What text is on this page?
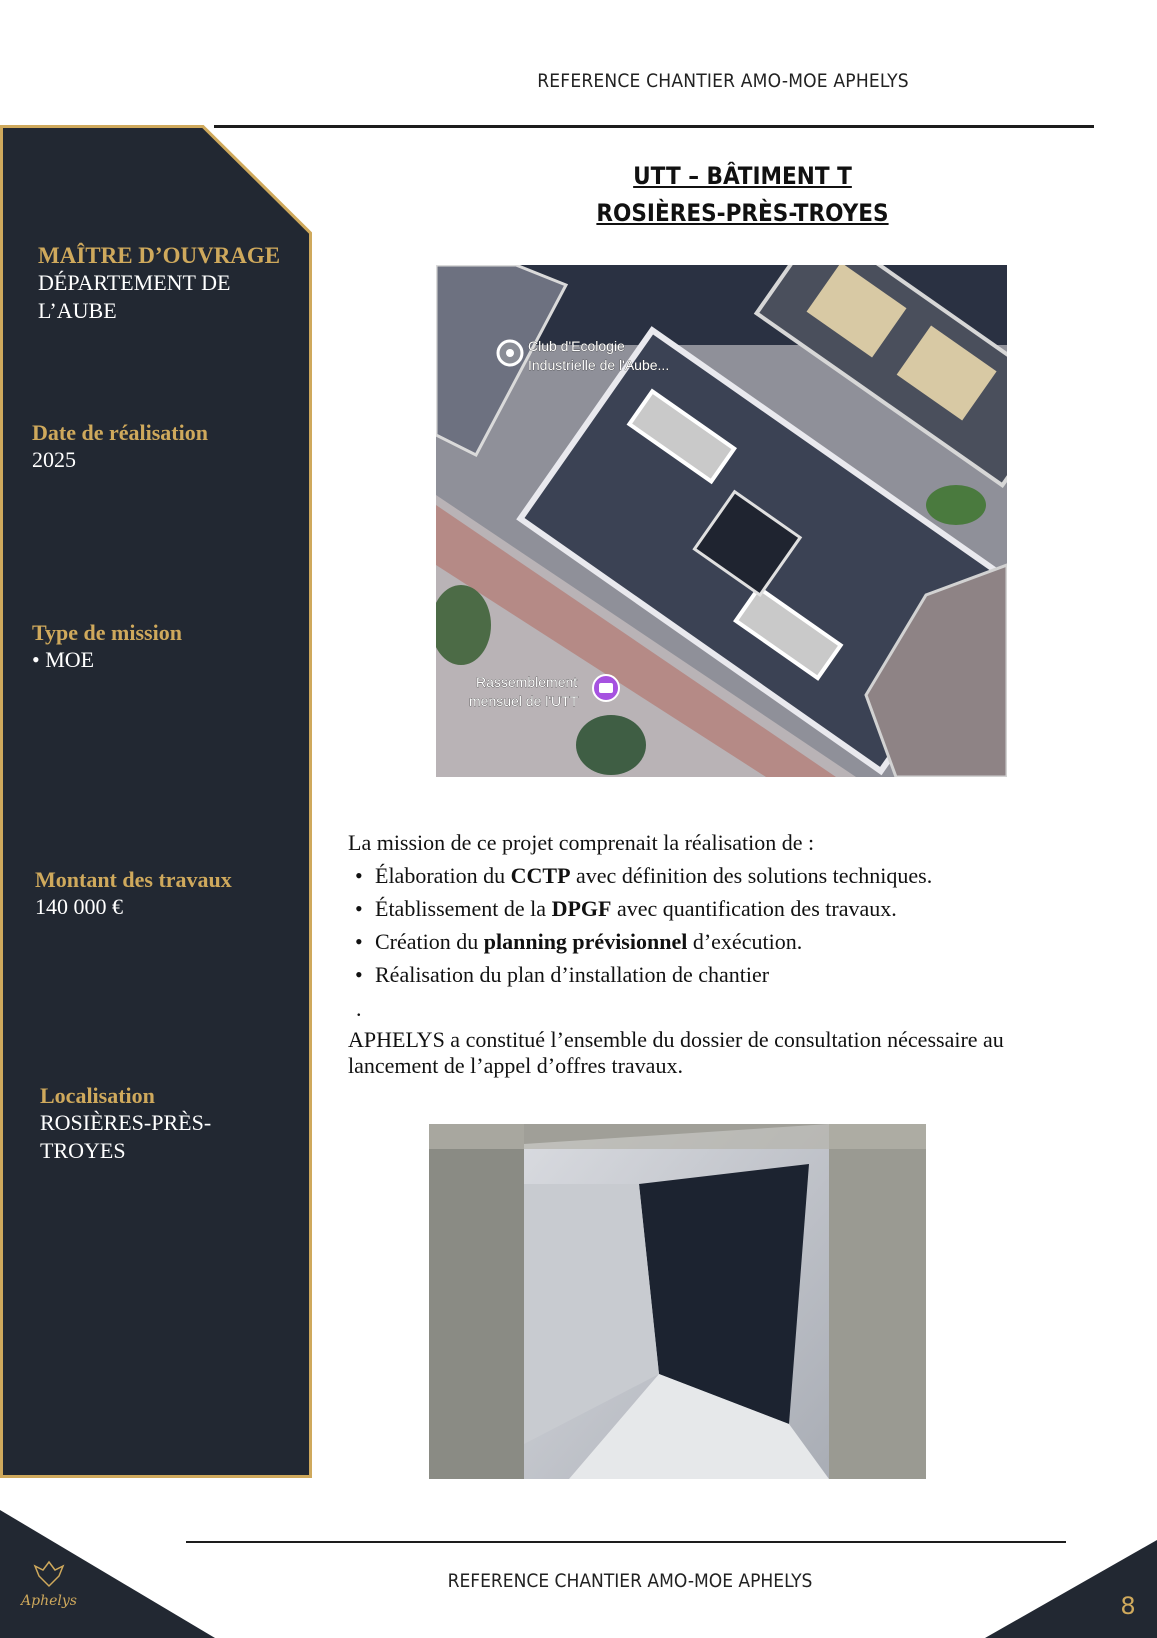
REFERENCE CHANTIER AMO-MOE APHELYS
MAÎTRE D’OUVRAGE
DÉPARTEMENT DE
L’AUBE
Date de réalisation
2025
Type de mission
• MOE
Montant des travaux
140 000 €
Localisation
ROSIÈRES-PRÈS-
TROYES
UTT – BÂTIMENT T
ROSIÈRES-PRÈS-TROYES
Club d'Ecologie
Industrielle de l'Aube...
Rassemblement
mensuel de l'UTT
La mission de ce projet comprenait la réalisation de :
• Élaboration du CCTP avec définition des solutions techniques.
• Établissement de la DPGF avec quantification des travaux.
• Création du planning prévisionnel d’exécution.
• Réalisation du plan d’installation de chantier
.
APHELYS a constitué l’ensemble du dossier de consultation nécessaire au
lancement de l’appel d’offres travaux.
Aphelys
REFERENCE CHANTIER AMO-MOE APHELYS
8
